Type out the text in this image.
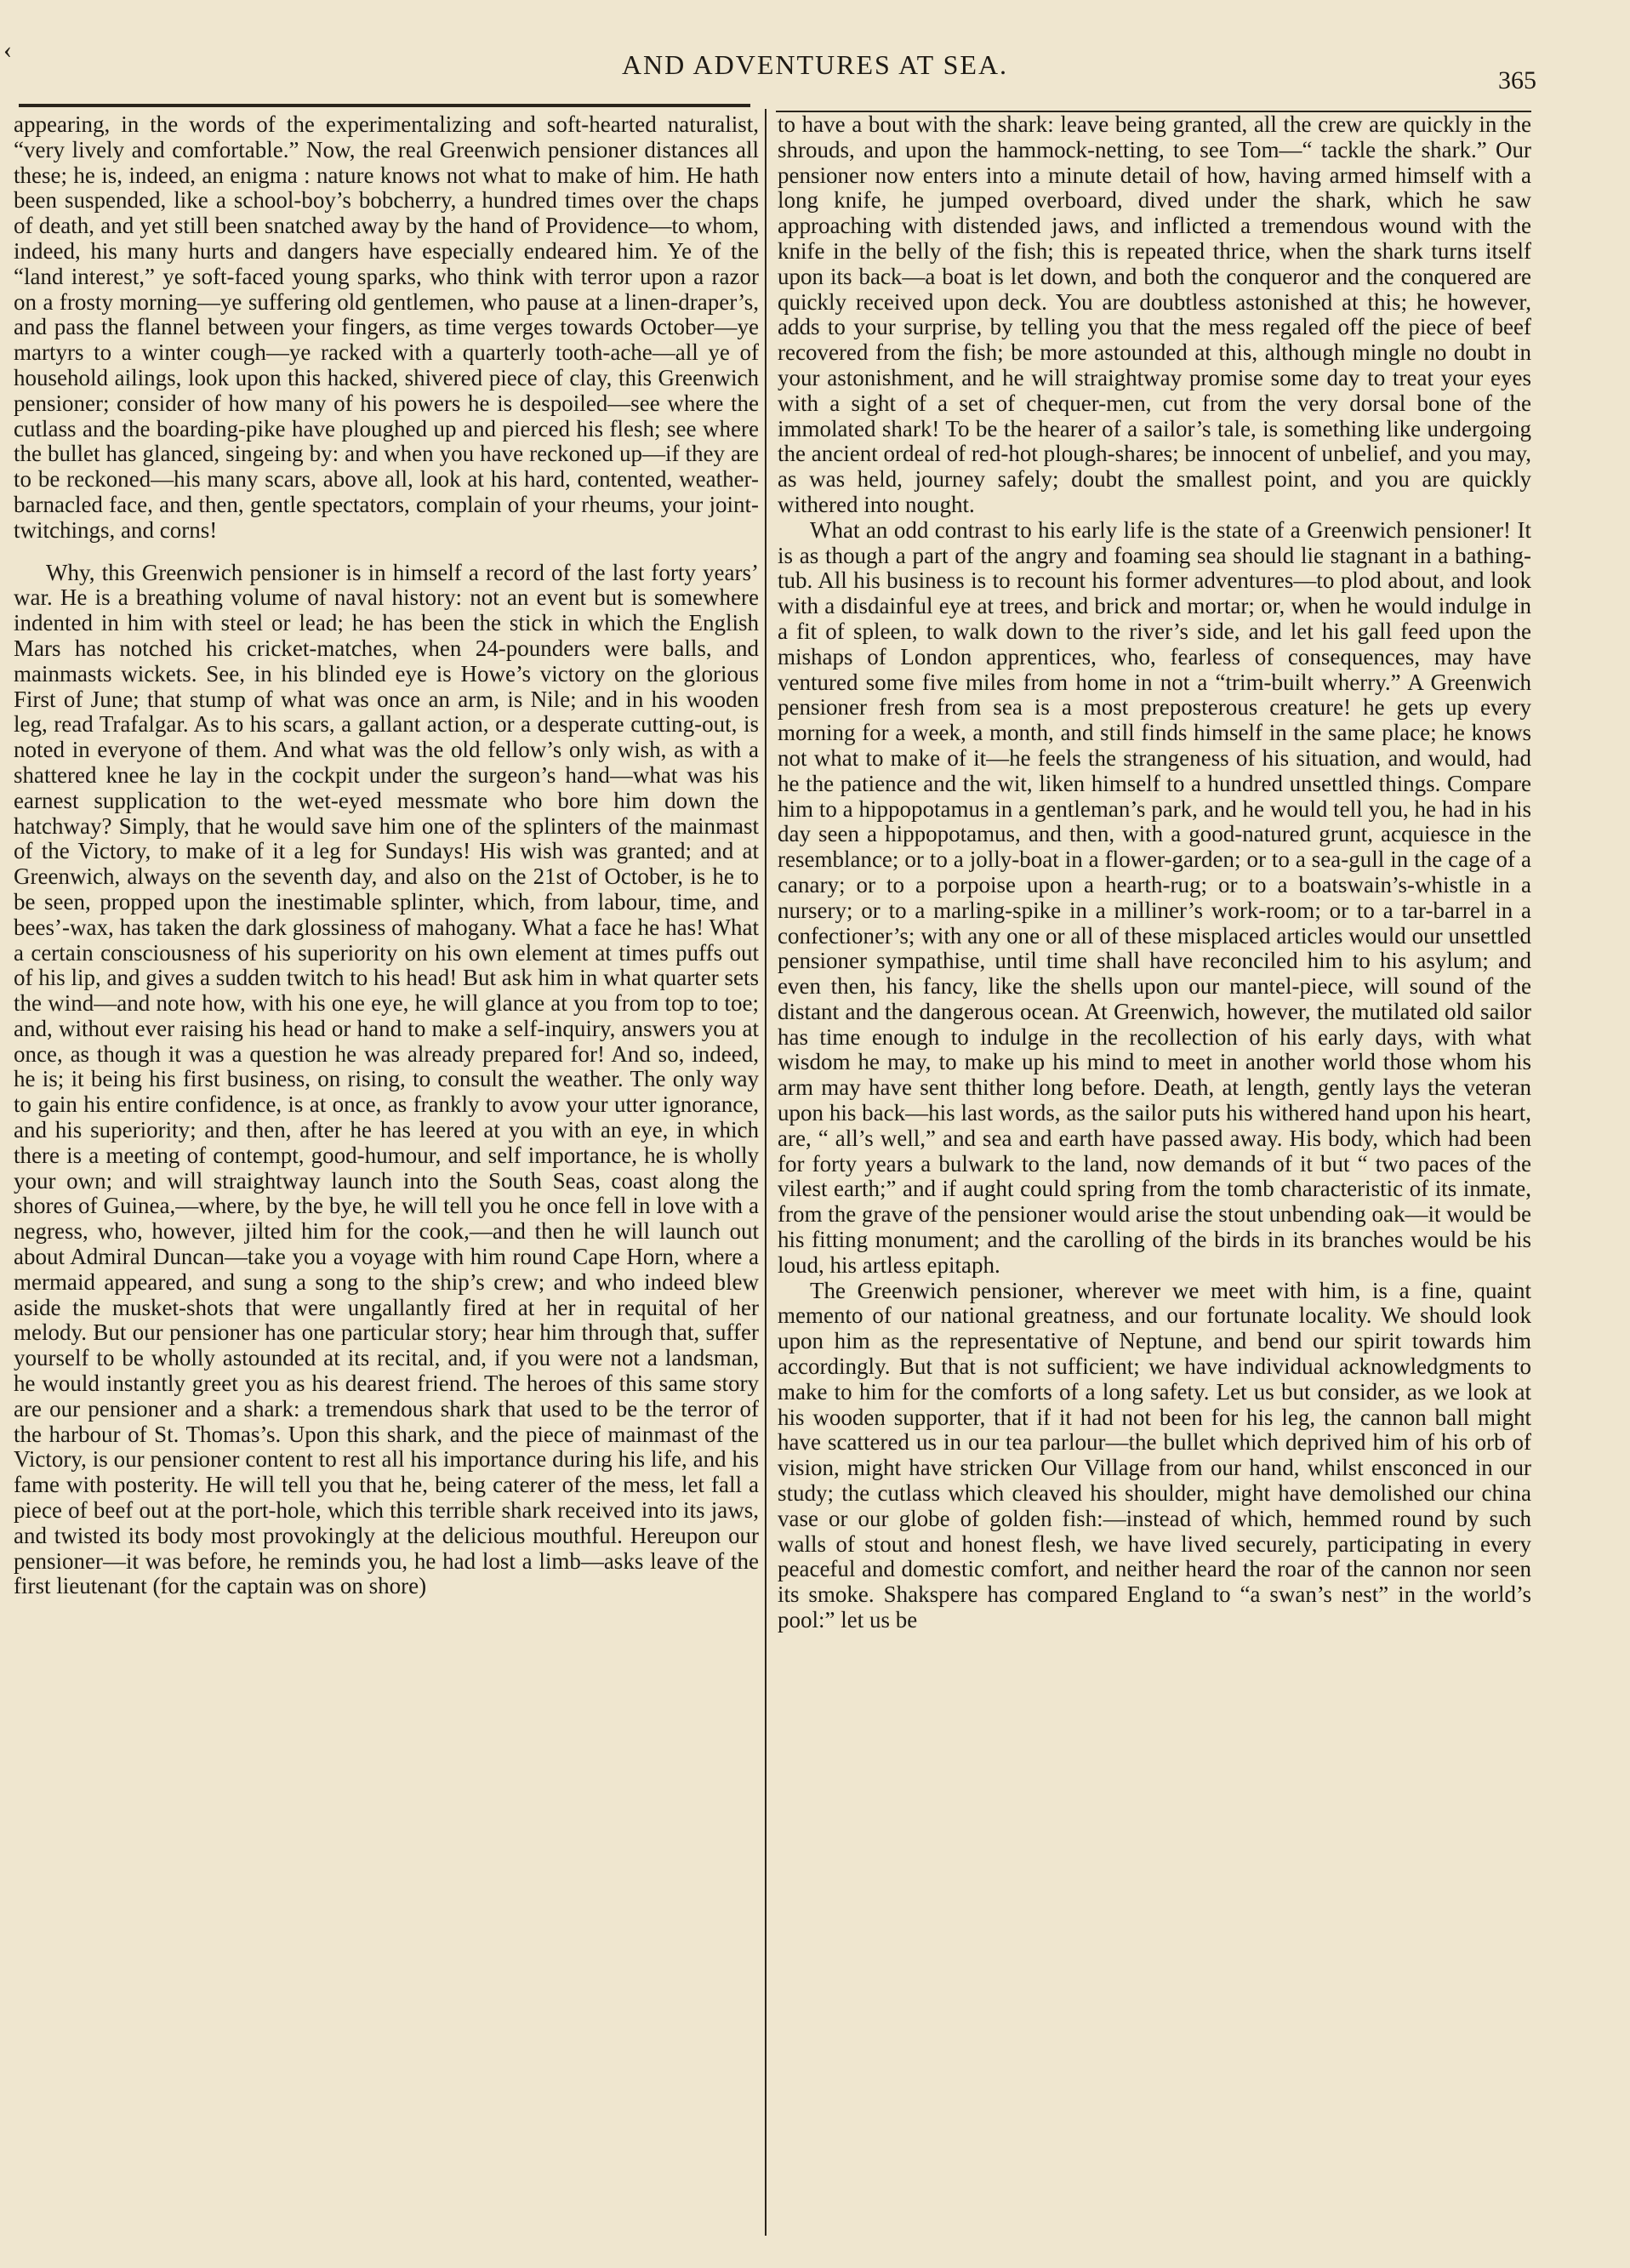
‹	AND ADVENTURES AT SEA.
365

appearing, in the words of the experimentalizing and soft-hearted naturalist, “very lively and comfortable.” Now, the real Greenwich pensioner distances all these; he is, indeed, an enigma : nature knows not what to make of him. He hath been suspended, like a school-boy’s bobcherry, a hundred times over the chaps of death, and yet still been snatched away by the hand of Providence—to whom, indeed, his many hurts and dangers have especially endeared him. Ye of the “land interest,” ye soft-faced young sparks, who think with terror upon a razor on a frosty morning—ye suffering old gentlemen, who pause at a linen-draper’s, and pass the flannel between your fingers, as time verges towards October—ye martyrs to a winter cough—ye racked with a quarterly tooth-ache—all ye of household ailings, look upon this hacked, shivered piece of clay, this Greenwich pensioner; consider of how many of his powers he is despoiled—see where the cutlass and the boarding-pike have ploughed up and pierced his flesh; see where the bullet has glanced, singeing by: and when you have reckoned up—if they are to be reckoned—his many scars, above all, look at his hard, contented, weather-barnacled face, and then, gentle spectators, complain of your rheums, your joint-twitchings, and corns!

Why, this Greenwich pensioner is in himself a record of the last forty years’ war. He is a breathing volume of naval history: not an event but is somewhere indented in him with steel or lead; he has been the stick in which the English Mars has notched his cricket-matches, when 24-pounders were balls, and mainmasts wickets. See, in his blinded eye is Howe’s victory on the glorious First of June; that stump of what was once an arm, is Nile; and in his wooden leg, read Trafalgar. As to his scars, a gallant action, or a desperate cutting-out, is noted in everyone of them. And what was the old fellow’s only wish, as with a shattered knee he lay in the cockpit under the surgeon’s hand—what was his earnest supplication to the wet-eyed messmate who bore him down the hatchway? Simply, that he would save him one of the splinters of the mainmast of the Victory, to make of it a leg for Sundays! His wish was granted; and at Greenwich, always on the seventh day, and also on the 21st of October, is he to be seen, propped upon the inestimable splinter, which, from labour, time, and bees’-wax, has taken the dark glossiness of mahogany. What a face he has! What a certain consciousness of his superiority on his own element at times puffs out of his lip, and gives a sudden twitch to his head! But ask him in what quarter sets the wind—and note how, with his one eye, he will glance at you from top to toe; and, without ever raising his head or hand to make a self-inquiry, answers you at once, as though it was a question he was already prepared for! And so, indeed, he is; it being his first business, on rising, to consult the weather. The only way to gain his entire confidence, is at once, as frankly to avow your utter ignorance, and his superiority; and then, after he has leered at you with an eye, in which there is a meeting of contempt, good-humour, and self importance, he is wholly your own; and will straightway launch into the South Seas, coast along the shores of Guinea,—where, by the bye, he will tell you he once fell in love with a negress, who, however, jilted him for the cook,—and then he will launch out about Admiral Duncan—take you a voyage with him round Cape Horn, where a mermaid appeared, and sung a song to the ship’s crew; and who indeed blew aside the musket-shots that were ungallantly fired at her in requital of her melody. But our pensioner has one particular story; hear him through that, suffer yourself to be wholly astounded at its recital, and, if you were not a landsman, he would instantly greet you as his dearest friend. The heroes of this same story are our pensioner and a shark: a tremendous shark that used to be the terror of the harbour of St. Thomas’s. Upon this shark, and the piece of mainmast of the Victory, is our pensioner content to rest all his importance during his life, and his fame with posterity. He will tell you that he, being caterer of the mess, let fall a piece of beef out at the port-hole, which this terrible shark received into its jaws, and twisted its body most provokingly at the delicious mouthful. Hereupon our pensioner—it was before, he reminds you, he had lost a limb—asks leave of the first lieutenant (for the captain was on shore)

to have a bout with the shark: leave being granted, all the crew are quickly in the shrouds, and upon the hammock-netting, to see Tom—“ tackle the shark.” Our pensioner now enters into a minute detail of how, having armed himself with a long knife, he jumped overboard, dived under the shark, which he saw approaching with distended jaws, and inflicted a tremendous wound with the knife in the belly of the fish; this is repeated thrice, when the shark turns itself upon its back—a boat is let down, and both the conqueror and the conquered are quickly received upon deck. You are doubtless astonished at this; he however, adds to your surprise, by telling you that the mess regaled off the piece of beef recovered from the fish; be more astounded at this, although mingle no doubt in your astonishment, and he will straightway promise some day to treat your eyes with a sight of a set of chequer-men, cut from the very dorsal bone of the immolated shark! To be the hearer of a sailor’s tale, is something like undergoing the ancient ordeal of red-hot plough-shares; be innocent of unbelief, and you may, as was held, journey safely; doubt the smallest point, and you are quickly withered into nought.

What an odd contrast to his early life is the state of a Greenwich pensioner! It is as though a part of the angry and foaming sea should lie stagnant in a bathing-tub. All his business is to recount his former adventures—to plod about, and look with a disdainful eye at trees, and brick and mortar; or, when he would indulge in a fit of spleen, to walk down to the river’s side, and let his gall feed upon the mishaps of London apprentices, who, fearless of consequences, may have ventured some five miles from home in not a “trim-built wherry.” A Greenwich pensioner fresh from sea is a most preposterous creature! he gets up every morning for a week, a month, and still finds himself in the same place; he knows not what to make of it—he feels the strangeness of his situation, and would, had he the patience and the wit, liken himself to a hundred unsettled things. Compare him to a hippopotamus in a gentleman’s park, and he would tell you, he had in his day seen a hippopotamus, and then, with a good-natured grunt, acquiesce in the resemblance; or to a jolly-boat in a flower-garden; or to a sea-gull in the cage of a canary; or to a porpoise upon a hearth-rug; or to a boatswain’s-whistle in a nursery; or to a marling-spike in a milliner’s work-room; or to a tar-barrel in a confectioner’s; with any one or all of these misplaced articles would our unsettled pensioner sympathise, until time shall have reconciled him to his asylum; and even then, his fancy, like the shells upon our mantel-piece, will sound of the distant and the dangerous ocean. At Greenwich, however, the mutilated old sailor has time enough to indulge in the recollection of his early days, with what wisdom he may, to make up his mind to meet in another world those whom his arm may have sent thither long before. Death, at length, gently lays the veteran upon his back—his last words, as the sailor puts his withered hand upon his heart, are, “ all’s well,” and sea and earth have passed away. His body, which had been for forty years a bulwark to the land, now demands of it but “ two paces of the vilest earth;” and if aught could spring from the tomb characteristic of its inmate, from the grave of the pensioner would arise the stout unbending oak—it would be his fitting monument; and the carolling of the birds in its branches would be his loud, his artless epitaph.

The Greenwich pensioner, wherever we meet with him, is a fine, quaint memento of our national greatness, and our fortunate locality. We should look upon him as the representative of Neptune, and bend our spirit towards him accordingly. But that is not sufficient; we have individual acknowledgments to make to him for the comforts of a long safety. Let us but consider, as we look at his wooden supporter, that if it had not been for his leg, the cannon ball might have scattered us in our tea parlour—the bullet which deprived him of his orb of vision, might have stricken Our Village from our hand, whilst ensconced in our study; the cutlass which cleaved his shoulder, might have demolished our china vase or our globe of golden fish:—instead of which, hemmed round by such walls of stout and honest flesh, we have lived securely, participating in every peaceful and domestic comfort, and neither heard the roar of the cannon nor seen its smoke. Shakspere has compared England to “a swan’s nest” in the world’s pool:” let us be
